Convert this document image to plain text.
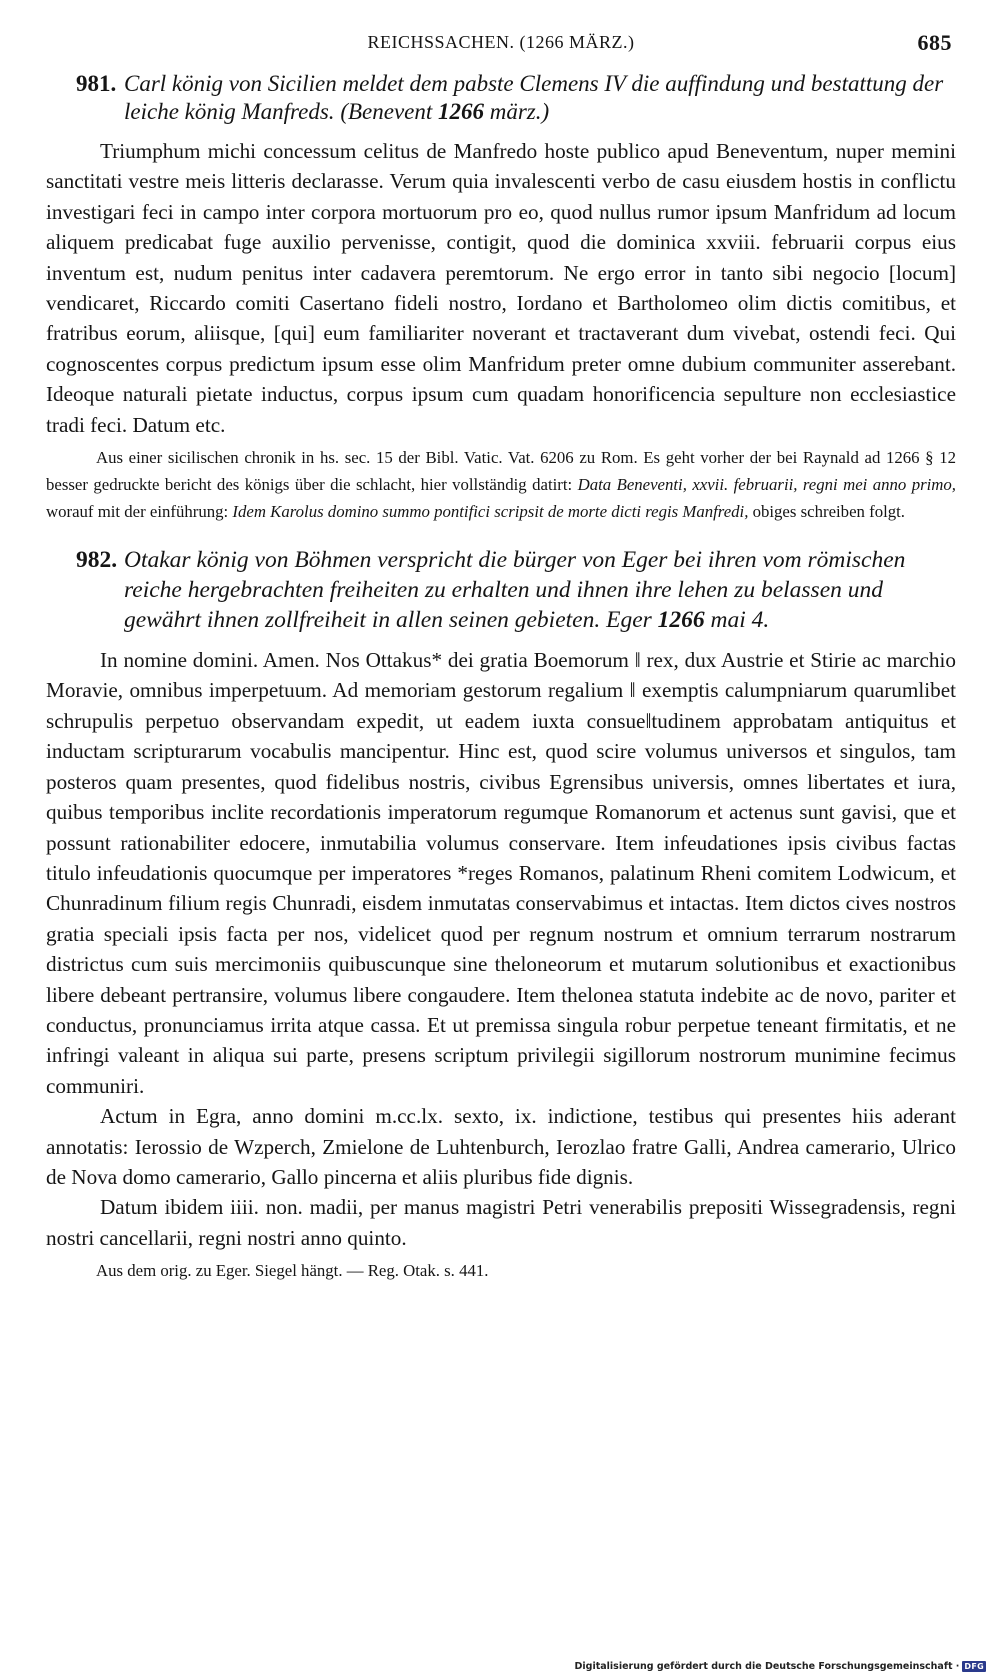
REICHSSACHEN. (1266 MÄRZ.)	685
981. Carl könig von Sicilien meldet dem pabste Clemens IV die auffindung und bestattung der leiche könig Manfreds. (Benevent 1266 märz.)

Triumphum michi concessum celitus de Manfredo hoste publico apud Beneventum, nuper memini sanctitati vestre meis litteris declarasse. Verum quia invalescenti verbo de casu eiusdem hostis in conflictu investigari feci in campo inter corpora mortuorum pro eo, quod nullus rumor ipsum Manfridum ad locum aliquem predicabat fuge auxilio pervenisse, contigit, quod die dominica xxviii. februarii corpus eius inventum est, nudum penitus inter cadavera peremtorum. Ne ergo error in tanto sibi negocio [locum] vendicaret, Riccardo comiti Casertano fideli nostro, Iordano et Bartholomeo olim dictis comitibus, et fratribus eorum, aliisque, [qui] eum familiariter noverant et tractaverant dum vivebat, ostendi feci. Qui cognoscentes corpus predictum ipsum esse olim Manfridum preter omne dubium communiter asserebant. Ideoque naturali pietate inductus, corpus ipsum cum quadam honorificencia sepulture non ecclesiastice tradi feci. Datum etc.

Aus einer sicilischen chronik in hs. sec. 15 der Bibl. Vatic. Vat. 6206 zu Rom. Es geht vorher der bei Raynald ad 1266 § 12 besser gedruckte bericht des königs über die schlacht, hier vollständig datirt: Data Beneventi, xxvii. februarii, regni mei anno primo, worauf mit der einführung: Idem Karolus domino summo pontifici scripsit de morte dicti regis Manfredi, obiges schreiben folgt.

982. Otakar könig von Böhmen verspricht die bürger von Eger bei ihren vom römischen reiche hergebrachten freiheiten zu erhalten und ihnen ihre lehen zu belassen und gewährt ihnen zollfreiheit in allen seinen gebieten. Eger 1266 mai 4.

In nomine domini. Amen. Nos Ottakus* dei gratia Boemorum ‖ rex, dux Austrie et Stirie ac marchio Moravie, omnibus imperpetuum. Ad memoriam gestorum regalium ‖ exemptis calumpniarum quarumlibet schrupulis perpetuo observandam expedit, ut eadem iuxta consue‖tudinem approbatam antiquitus et inductam scripturarum vocabulis mancipentur. Hinc est, quod scire volumus universos et singulos, tam posteros quam presentes, quod fidelibus nostris, civibus Egrensibus universis, omnes libertates et iura, quibus temporibus inclite recordationis imperatorum regumque Romanorum et actenus sunt gavisi, que et possunt rationabiliter edocere, inmutabilia volumus conservare. Item infeudationes ipsis civibus factas titulo infeudationis quocumque per imperatores *reges Romanos, palatinum Rheni comitem Lodwicum, et Chunradinum filium regis Chunradi, eisdem inmutatas conservabimus et intactas. Item dictos cives nostros gratia speciali ipsis facta per nos, videlicet quod per regnum nostrum et omnium terrarum nostrarum districtus cum suis mercimoniis quibuscunque sine theloneorum et mutarum solutionibus et exactionibus libere debeant pertransire, volumus libere congaudere. Item thelonea statuta indebite ac de novo, pariter et conductus, pronunciamus irrita atque cassa. Et ut premissa singula robur perpetue teneant firmitatis, et ne infringi valeant in aliqua sui parte, presens scriptum privilegii sigillorum nostrorum munimine fecimus communiri.

Actum in Egra, anno domini m.cc.lx. sexto, ix. indictione, testibus qui presentes hiis aderant annotatis: Ierossio de Wzperch, Zmielone de Luhtenburch, Ierozlao fratre Galli, Andrea camerario, Ulrico de Nova domo camerario, Gallo pincerna et aliis pluribus fide dignis.

Datum ibidem iiii. non. madii, per manus magistri Petri venerabilis prepositi Wissegradensis, regni nostri cancellarii, regni nostri anno quinto.

Aus dem orig. zu Eger. Siegel hängt. — Reg. Otak. s. 441.

Digitalisierung gefördert durch die Deutsche Forschungsgemeinschaft · DFG
